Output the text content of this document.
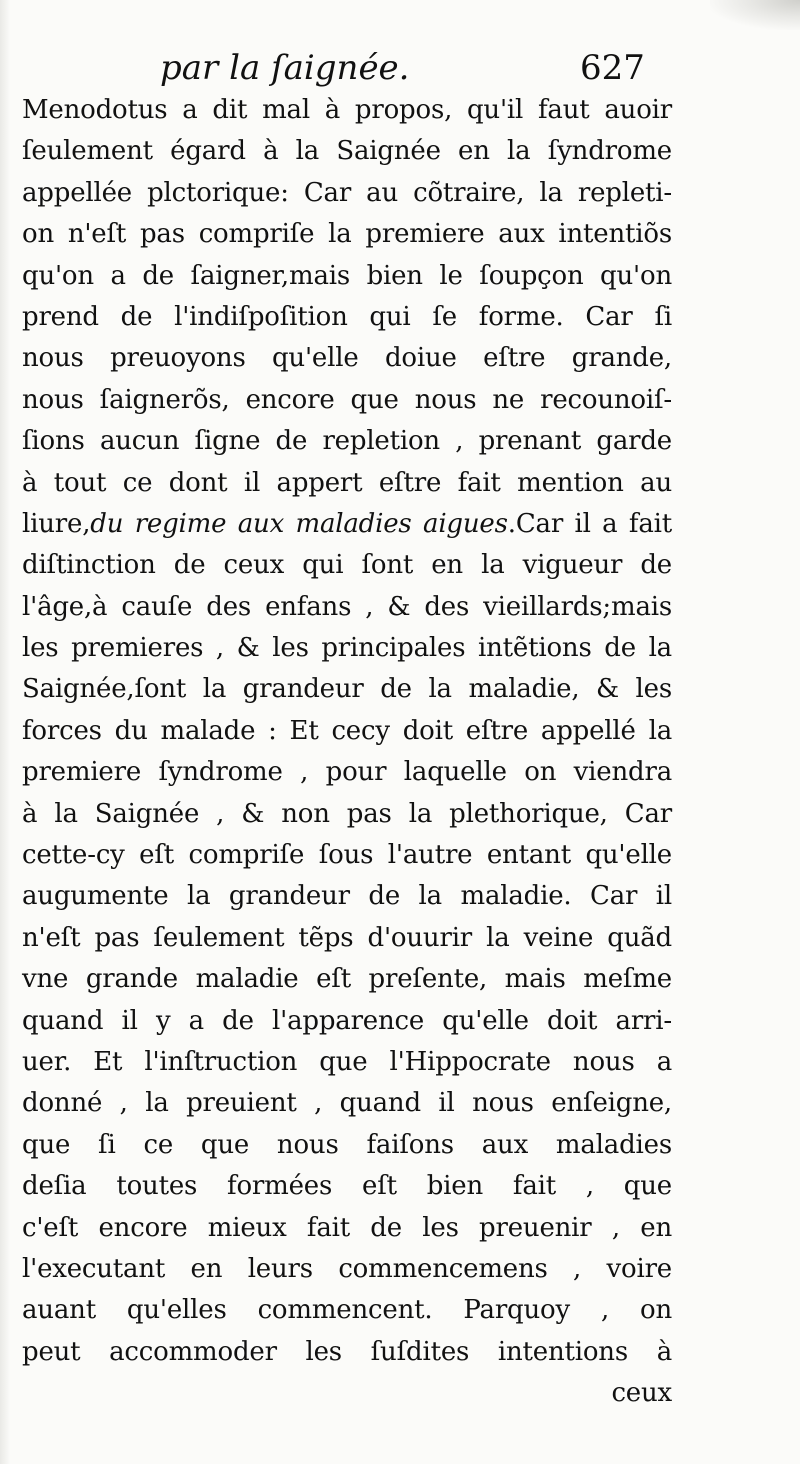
par la ſaignée.	627
Menodotus a dit mal à propos, qu'il faut auoir
ſeulement égard à la Saignée en la ſyndrome
appellée plctorique: Car au cõtraire, la repleti-
on n'eſt pas compriſe la premiere aux intentiõs
qu'on a de ſaigner,mais bien le ſoupçon qu'on
prend de l'indiſpoſition qui ſe forme. Car ſi
nous preuoyons qu'elle doiue eſtre grande,
nous ſaignerõs, encore que nous ne recounoiſ-
ſions aucun ſigne de repletion , prenant garde
à tout ce dont il appert eſtre fait mention au
liure,du regime aux maladies aigues.Car il a fait
diſtinction de ceux qui ſont en la vigueur de
l'âge,à cauſe des enfans , & des vieillards;mais
les premieres , & les principales intẽtions de la
Saignée,ſont la grandeur de la maladie, & les
forces du malade : Et cecy doit eſtre appellé la
premiere ſyndrome , pour laquelle on viendra
à la Saignée , & non pas la plethorique, Car
cette-cy eſt compriſe ſous l'autre entant qu'elle
augumente la grandeur de la maladie. Car il
n'eſt pas ſeulement tẽps d'ouurir la veine quãd
vne grande maladie eſt preſente, mais meſme
quand il y a de l'apparence qu'elle doit arri-
uer. Et l'inſtruction que l'Hippocrate nous a
donné , la preuient , quand il nous enſeigne,
que ſi ce que nous faiſons aux maladies
deſia toutes formées eſt bien fait , que
c'eſt encore mieux fait de les preuenir , en
l'executant en leurs commencemens , voire
auant qu'elles commencent. Parquoy , on
peut accommoder les ſuſdites intentions à
ceux
